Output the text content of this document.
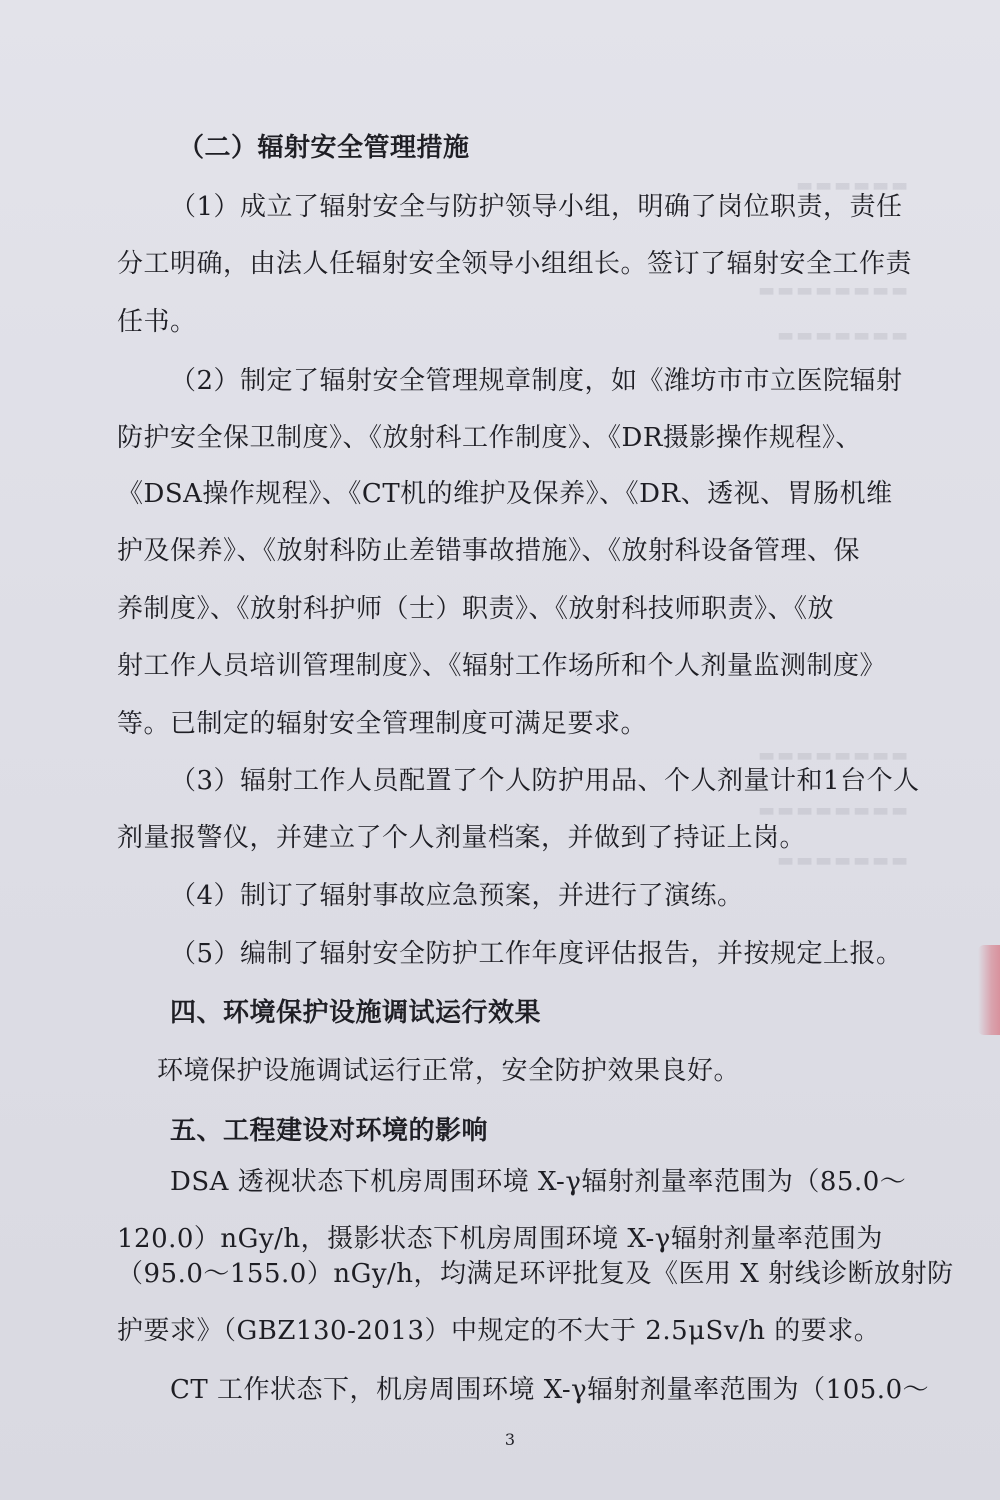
▬▬▬▬▬▬
▬▬▬▬▬▬▬▬
▬▬▬▬▬▬▬
▬▬▬▬▬▬▬▬
▬▬▬▬▬▬▬▬
▬▬▬▬▬▬▬
（二）辐射安全管理措施
（1）成立了辐射安全与防护领导小组，明确了岗位职责，责任
分工明确，由法人任辐射安全领导小组组长。签订了辐射安全工作责
任书。
（2）制定了辐射安全管理规章制度，如《潍坊市市立医院辐射
防护安全保卫制度》、《放射科工作制度》、《DR摄影操作规程》、
《DSA操作规程》、《CT机的维护及保养》、《DR、透视、胃肠机维
护及保养》、《放射科防止差错事故措施》、《放射科设备管理、保
养制度》、《放射科护师（士）职责》、《放射科技师职责》、《放
射工作人员培训管理制度》、《辐射工作场所和个人剂量监测制度》
等。已制定的辐射安全管理制度可满足要求。
（3）辐射工作人员配置了个人防护用品、个人剂量计和1台个人
剂量报警仪，并建立了个人剂量档案，并做到了持证上岗。
（4）制订了辐射事故应急预案，并进行了演练。
（5）编制了辐射安全防护工作年度评估报告，并按规定上报。
四、环境保护设施调试运行效果
环境保护设施调试运行正常，安全防护效果良好。
五、工程建设对环境的影响
DSA 透视状态下机房周围环境 X-γ辐射剂量率范围为（85.0～
120.0）nGy/h，摄影状态下机房周围环境 X-γ辐射剂量率范围为
（95.0～155.0）nGy/h，均满足环评批复及《医用 X 射线诊断放射防
护要求》（GBZ130-2013）中规定的不大于 2.5μSv/h 的要求。
CT 工作状态下，机房周围环境 X-γ辐射剂量率范围为（105.0～
3
